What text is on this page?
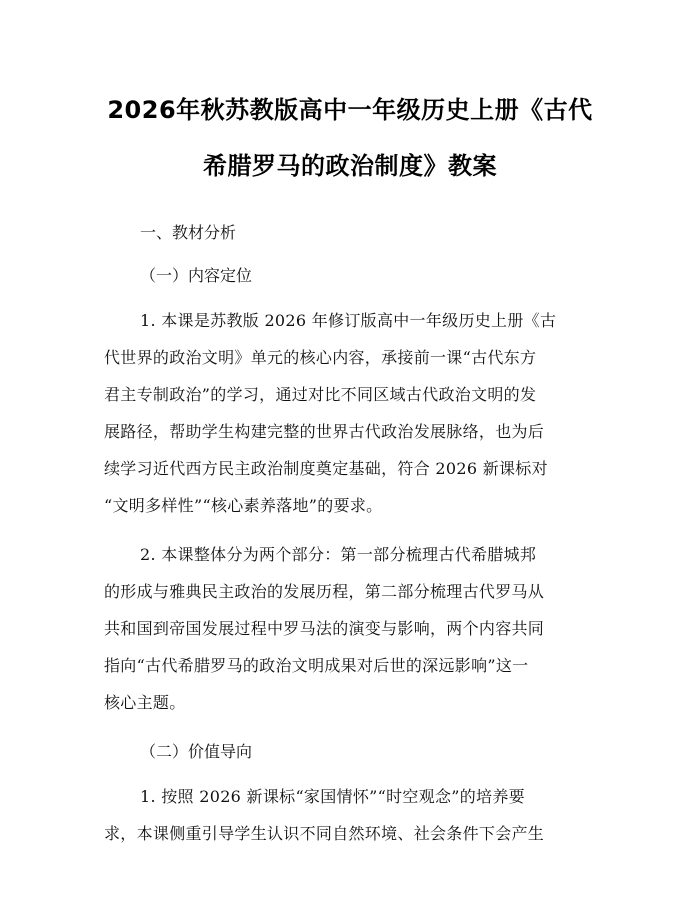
2026年秋苏教版高中一年级历史上册《古代
希腊罗马的政治制度》教案

一、教材分析

（一）内容定位

1. 本课是苏教版 2026 年修订版高中一年级历史上册《古
代世界的政治文明》单元的核心内容，承接前一课“古代东方
君主专制政治”的学习，通过对比不同区域古代政治文明的发
展路径，帮助学生构建完整的世界古代政治发展脉络，也为后
续学习近代西方民主政治制度奠定基础，符合 2026 新课标对
“文明多样性”“核心素养落地”的要求。

2. 本课整体分为两个部分：第一部分梳理古代希腊城邦
的形成与雅典民主政治的发展历程，第二部分梳理古代罗马从
共和国到帝国发展过程中罗马法的演变与影响，两个内容共同
指向“古代希腊罗马的政治文明成果对后世的深远影响”这一
核心主题。

（二）价值导向

1. 按照 2026 新课标“家国情怀”“时空观念”的培养要
求，本课侧重引导学生认识不同自然环境、社会条件下会产生
